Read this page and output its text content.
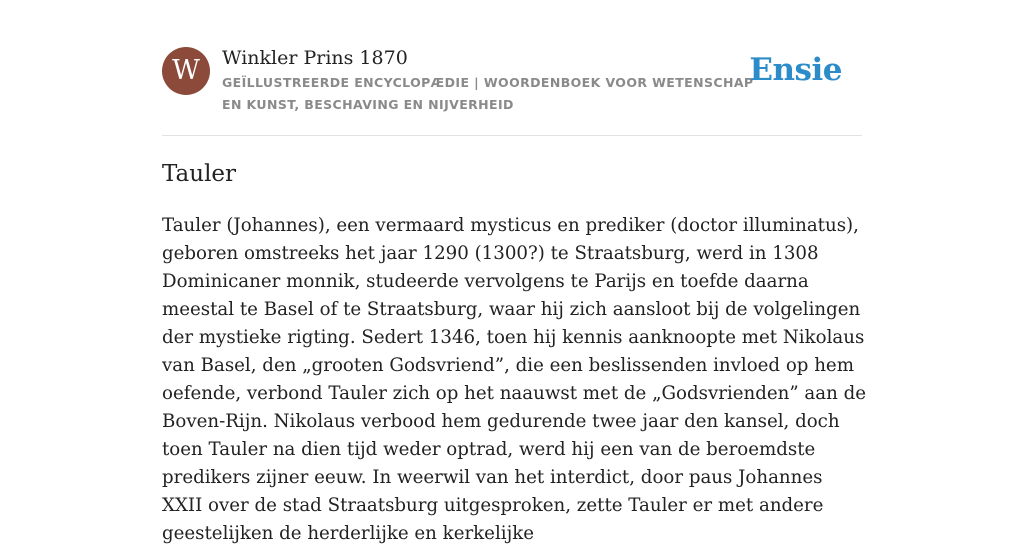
W	Winkler Prins 1870
GEÏLLUSTREERDE ENCYCLOPÆDIE | WOORDENBOEK VOOR WETENSCHAP EN KUNST, BESCHAVING EN NIJVERHEID
Ensie
Tauler

Tauler (Johannes), een vermaard mysticus en prediker (doctor illuminatus), geboren omstreeks het jaar 1290 (1300?) te Straatsburg, werd in 1308 Dominicaner monnik, studeerde vervolgens te Parijs en toefde daarna meestal te Basel of te Straatsburg, waar hij zich aansloot bij de volgelingen der mystieke rigting. Sedert 1346, toen hij kennis aanknoopte met Nikolaus van Basel, den „grooten Godsvriend”, die een beslissenden invloed op hem oefende, verbond Tauler zich op het naauwst met de „Godsvrienden” aan de Boven-Rijn. Nikolaus verbood hem gedurende twee jaar den kansel, doch toen Tauler na dien tijd weder optrad, werd hij een van de beroemdste predikers zijner eeuw. In weerwil van het interdict, door paus Johannes XXII over de stad Straatsburg uitgesproken, zette Tauler er met andere geestelijken de herderlijke en kerkelijke
